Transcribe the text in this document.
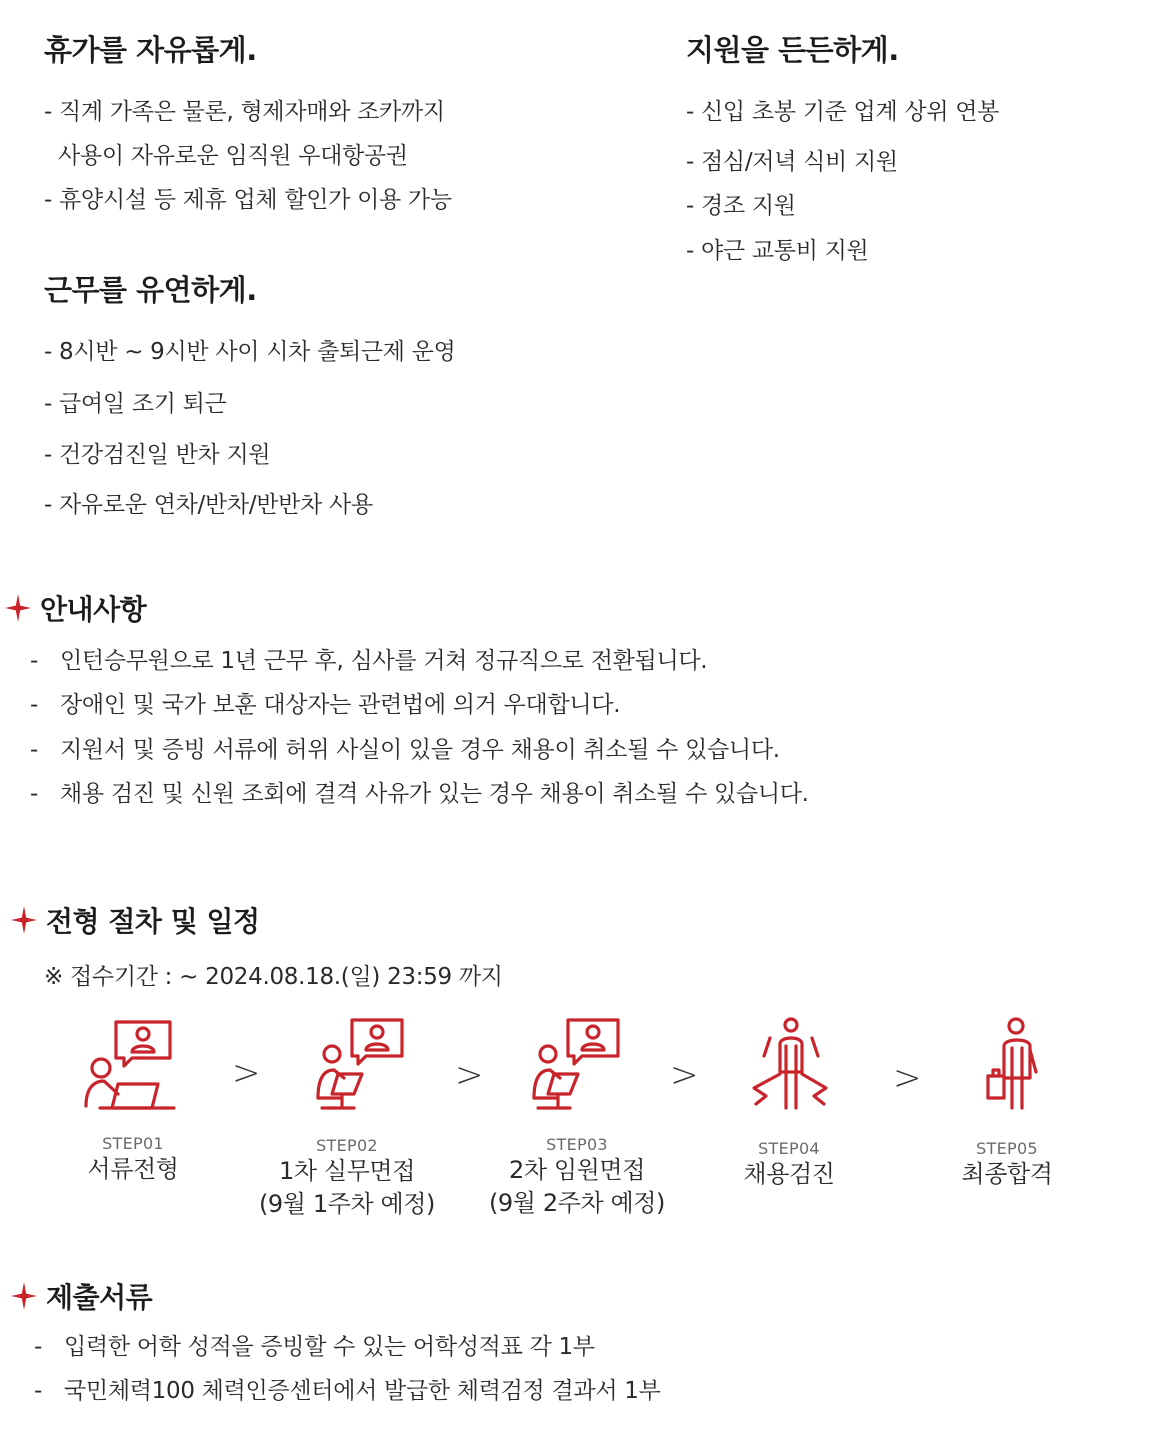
휴가를 자유롭게.
- 직계 가족은 물론, 형제자매와 조카까지
사용이 자유로운 임직원 우대항공권
- 휴양시설 등 제휴 업체 할인가 이용 가능
근무를 유연하게.
- 8시반 ~ 9시반 사이 시차 출퇴근제 운영
- 급여일 조기 퇴근
- 건강검진일 반차 지원
- 자유로운 연차/반차/반반차 사용
지원을 든든하게.
- 신입 초봉 기준 업계 상위 연봉
- 점심/저녁 식비 지원
- 경조 지원
- 야근 교통비 지원
안내사항
- 인턴승무원으로 1년 근무 후, 심사를 거쳐 정규직으로 전환됩니다.
- 장애인 및 국가 보훈 대상자는 관련법에 의거 우대합니다.
- 지원서 및 증빙 서류에 허위 사실이 있을 경우 채용이 취소될 수 있습니다.
- 채용 검진 및 신원 조회에 결격 사유가 있는 경우 채용이 취소될 수 있습니다.
전형 절차 및 일정
※ 접수기간 : ~ 2024.08.18.(일) 23:59 까지
>	>	>	>
STEP01
서류전형
STEP02
1차 실무면접
(9월 1주차 예정)
STEP03
2차 임원면접
(9월 2주차 예정)
STEP04
채용검진
STEP05
최종합격
제출서류
- 입력한 어학 성적을 증빙할 수 있는 어학성적표 각 1부
- 국민체력100 체력인증센터에서 발급한 체력검정 결과서 1부
